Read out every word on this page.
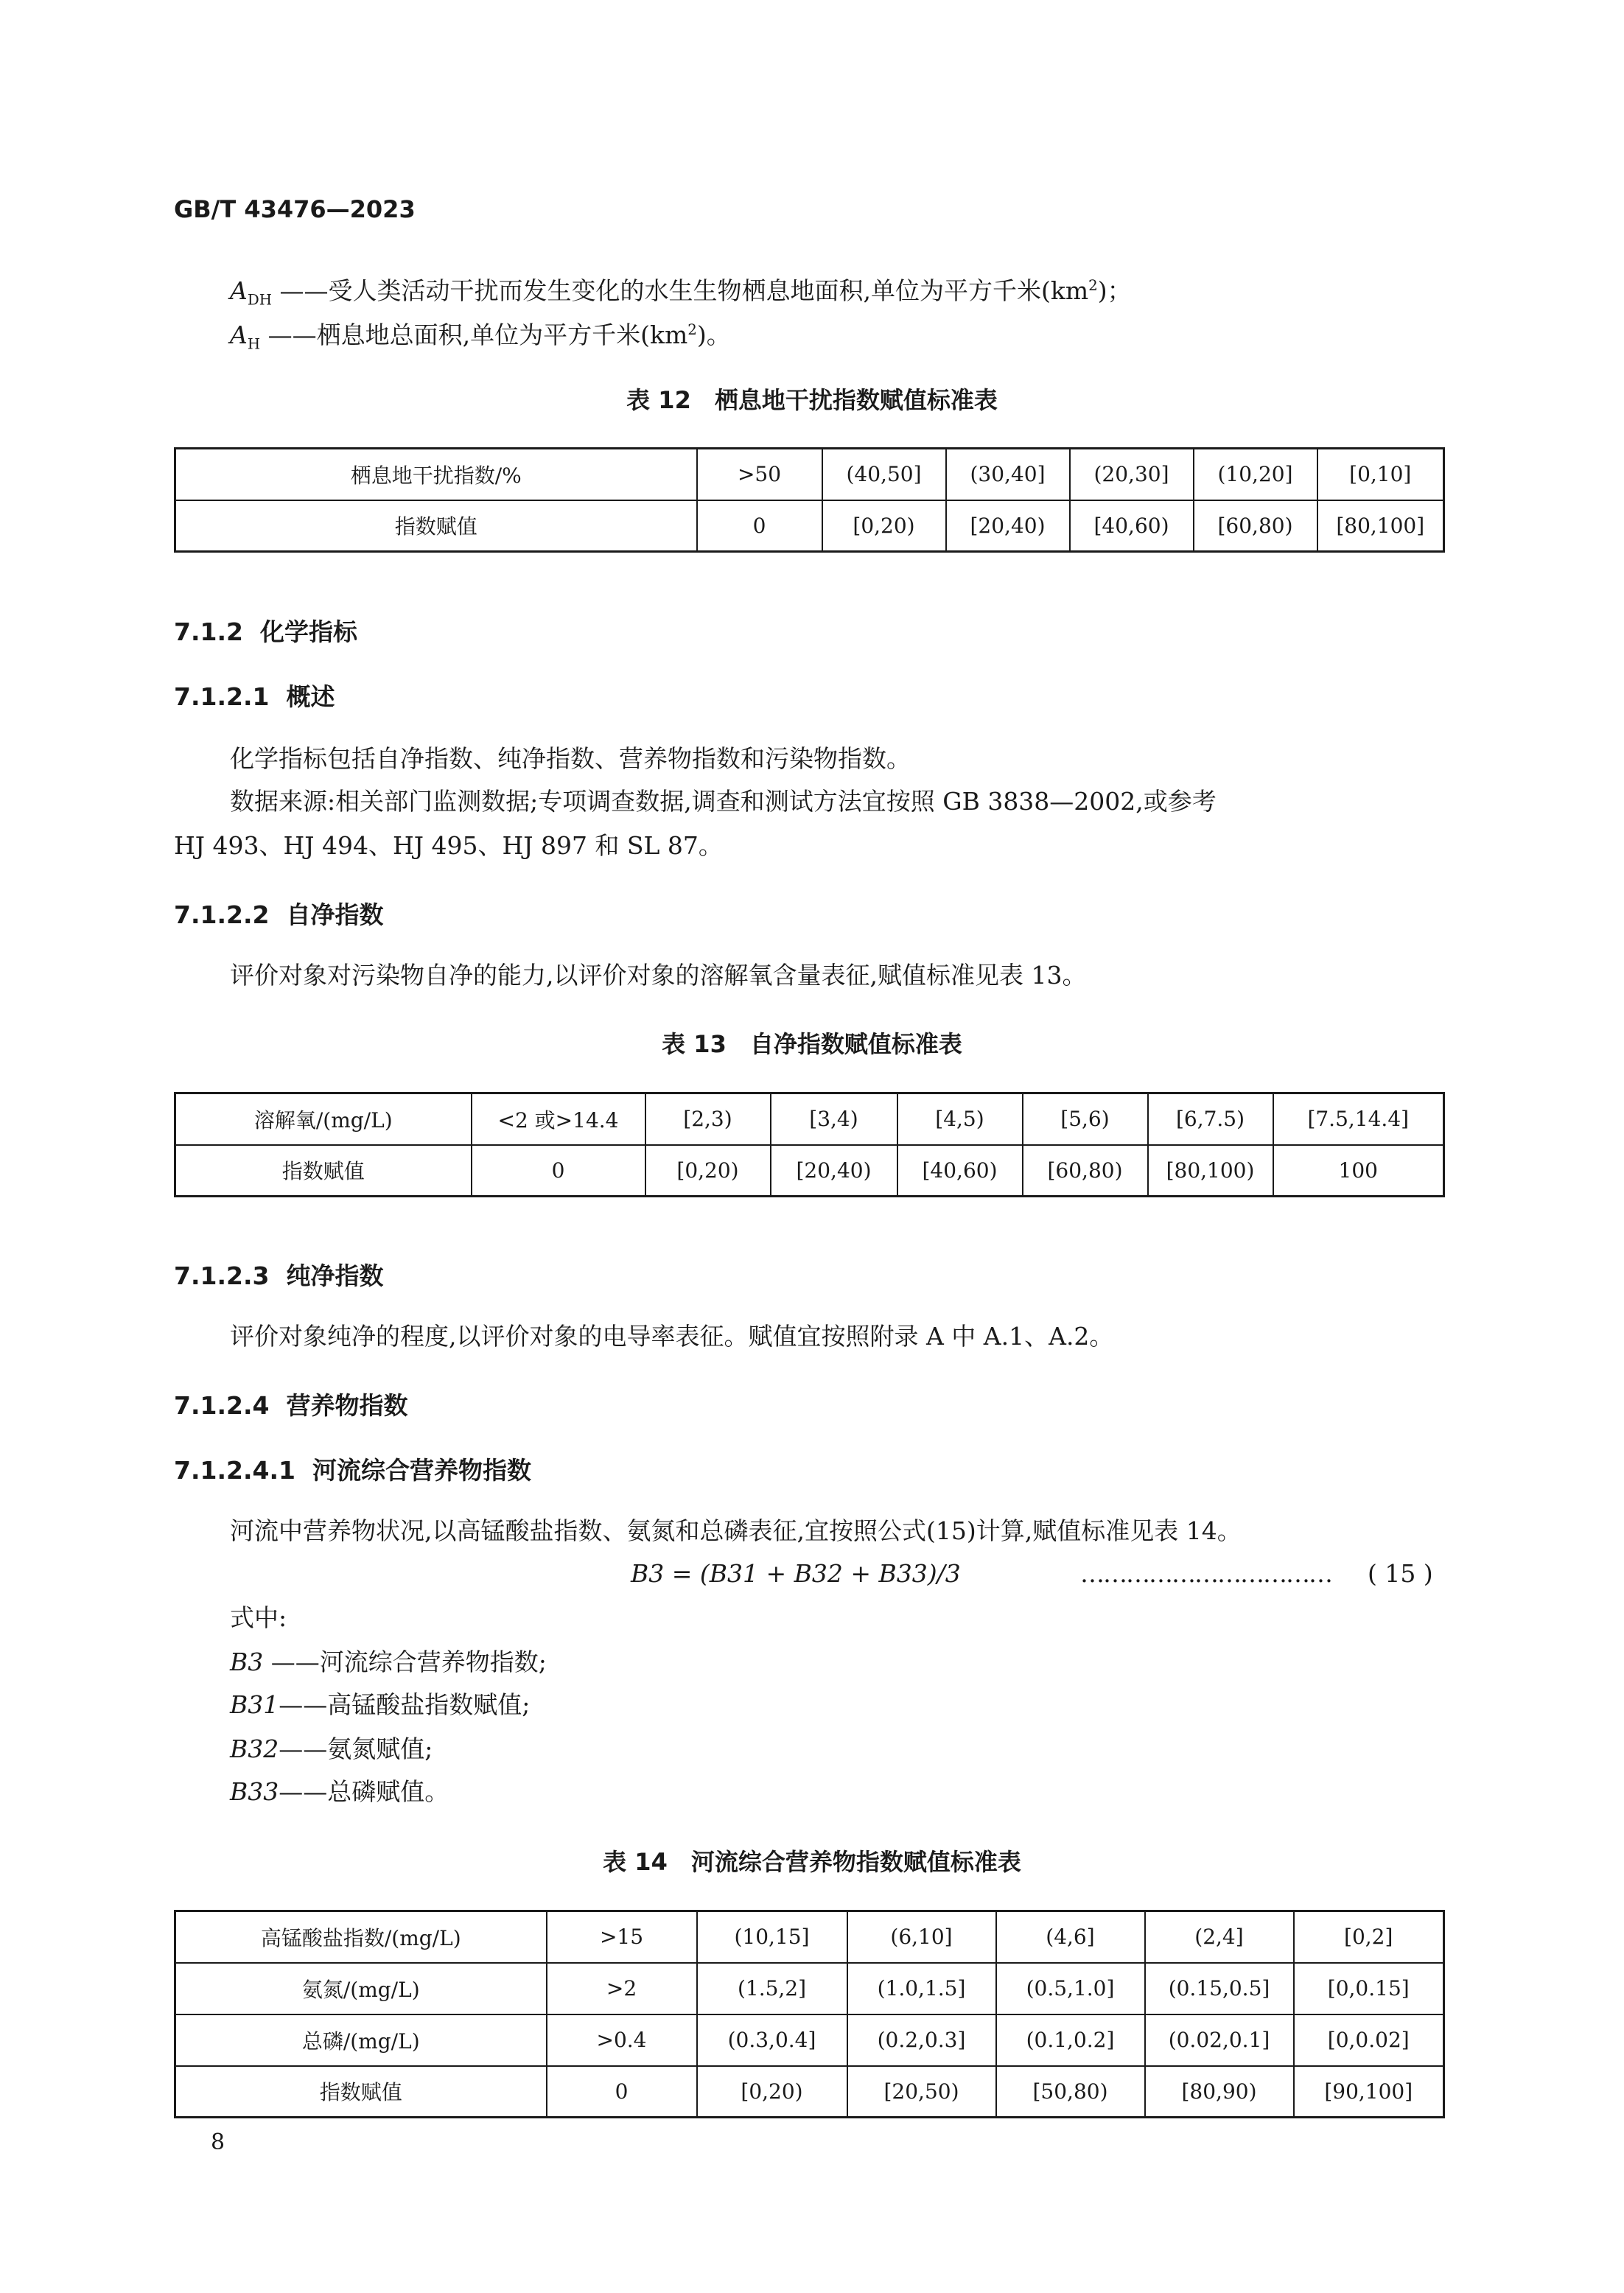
GB/T 43476—2023
$A_{DH}$ ——受人类活动干扰而发生变化的水生生物栖息地面积,单位为平方千米$(km^2)$；
$A_H$ ——栖息地总面积,单位为平方千米$(km^2)$。
表 12　栖息地干扰指数赋值标准表
栖息地干扰指数/%	>50	(40,50]	(30,40]	(20,30]	(10,20]	[0,10]
指数赋值	0	[0,20)	[20,40)	[40,60)	[60,80)	[80,100]
7.1.2 化学指标
7.1.2.1 概述
化学指标包括自净指数、纯净指数、营养物指数和污染物指数。
数据来源:相关部门监测数据;专项调查数据,调查和测试方法宜按照 GB 3838—2002,或参考
HJ 493、HJ 494、HJ 495、HJ 897 和 SL 87。
7.1.2.2 自净指数
评价对象对污染物自净的能力,以评价对象的溶解氧含量表征,赋值标准见表 13。
表 13　自净指数赋值标准表
溶解氧/(mg/L)	<2 或>14.4	[2,3)	[3,4)	[4,5)	[5,6)	[6,7.5)	[7.5,14.4]
指数赋值	0	[0,20)	[20,40)	[40,60)	[60,80)	[80,100)	100
7.1.2.3 纯净指数
评价对象纯净的程度,以评价对象的电导率表征。赋值宜按照附录 A 中 A.1、A.2。
7.1.2.4 营养物指数
7.1.2.4.1 河流综合营养物指数
河流中营养物状况,以高锰酸盐指数、氨氮和总磷表征,宜按照公式(15)计算,赋值标准见表 14。
B3 = (B31 + B32 + B33)/3	…………………………… ( 15 )
式中:
B3 ——河流综合营养物指数;
B31——高锰酸盐指数赋值;
B32——氨氮赋值;
B33——总磷赋值。
表 14　河流综合营养物指数赋值标准表
高锰酸盐指数/(mg/L)	>15	(10,15]	(6,10]	(4,6]	(2,4]	[0,2]
氨氮/(mg/L)	>2	(1.5,2]	(1.0,1.5]	(0.5,1.0]	(0.15,0.5]	[0,0.15]
总磷/(mg/L)	>0.4	(0.3,0.4]	(0.2,0.3]	(0.1,0.2]	(0.02,0.1]	[0,0.02]
指数赋值	0	[0,20)	[20,50)	[50,80)	[80,90)	[90,100]
8
